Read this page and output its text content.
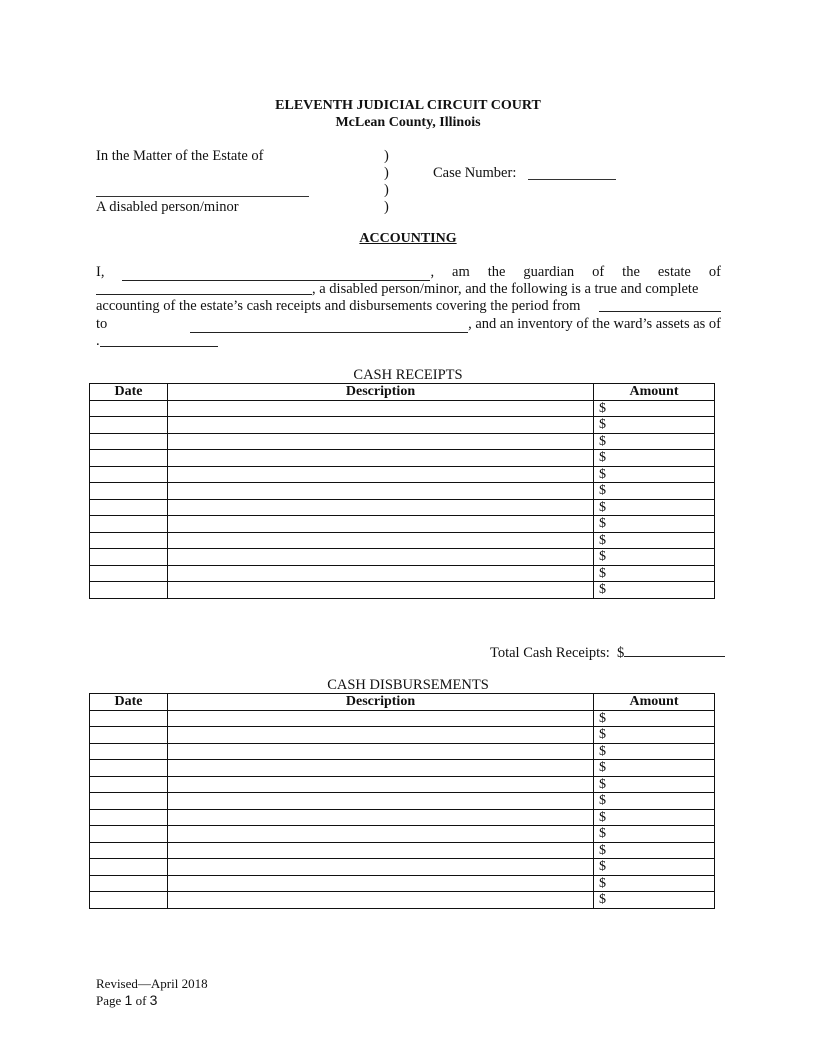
ELEVENTH JUDICIAL CIRCUIT COURT
McLean County, Illinois
In the Matter of the Estate of
A disabled person/minor
)
)
)
)
Case Number:
ACCOUNTING
I,	, am the guardian of the estate of
, a disabled person/minor, and the following is a true and complete
accounting of the estate’s cash receipts and disbursements covering the period from
to	, and an inventory of the ward’s assets as of
.
CASH RECEIPTS
Date	Description	Amount
		$
		$
		$
		$
		$
		$
		$
		$
		$
		$
		$
		$
Total Cash Receipts: $
CASH DISBURSEMENTS
Date	Description	Amount
		$
		$
		$
		$
		$
		$
		$
		$
		$
		$
		$
		$
Revised—April 2018
Page 1 of 3
